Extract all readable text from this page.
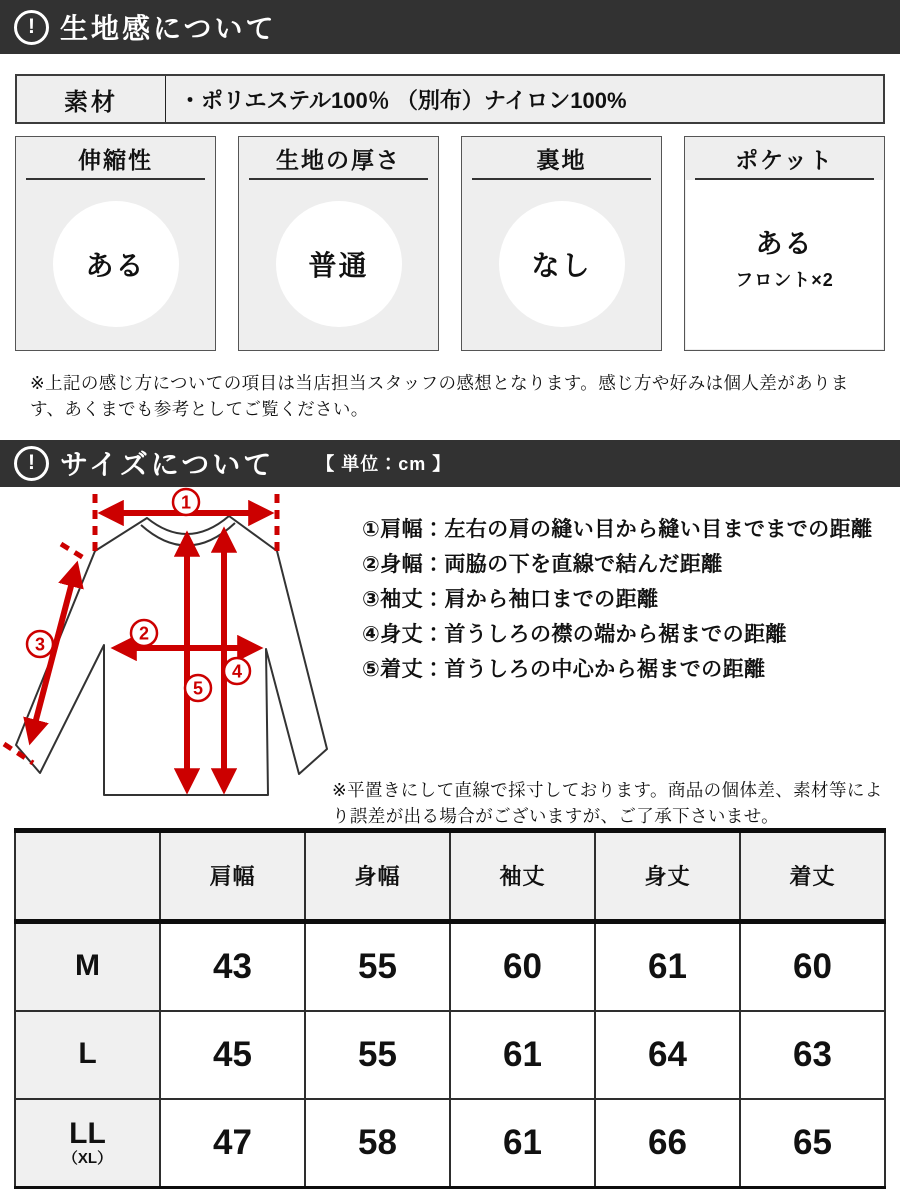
! 生地感について
素材	・ポリエステル100％ （別布）ナイロン100%
伸縮性
ある
生地の厚さ
普通
裏地
なし
ポケット
ある
フロント×2

※上記の感じ方についての項目は当店担当スタッフの感想となります。感じ方や好みは個人差があります、あくまでも参考としてご覧ください。

! サイズについて 【 単位：cm 】
1
3
2
4
5
①肩幅：左右の肩の縫い目から縫い目までまでの距離
②身幅：両脇の下を直線で結んだ距離
③袖丈：肩から袖口までの距離
④身丈：首うしろの襟の端から裾までの距離
⑤着丈：首うしろの中心から裾までの距離

※平置きにして直線で採寸しております。商品の個体差、素材等により誤差が出る場合がございますが、ご了承下さいませ。

	肩幅	身幅	袖丈	身丈	着丈
M	43	55	60	61	60
L	45	55	61	64	63
LL
（XL）	47	58	61	66	65
